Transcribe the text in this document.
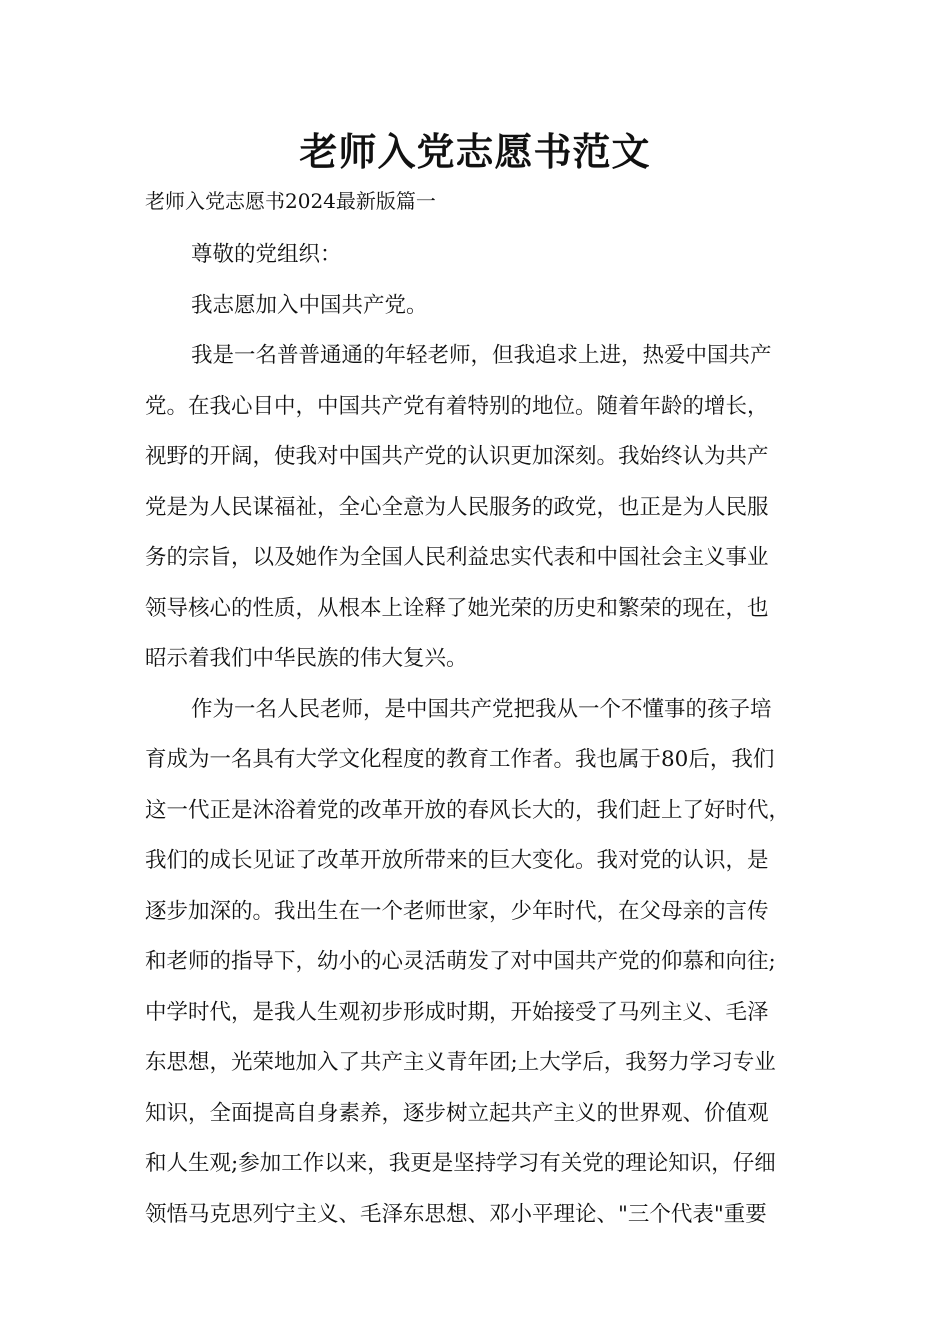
老师入党志愿书范文
老师入党志愿书2024最新版篇一

尊敬的党组织：

我志愿加入中国共产党。

我是一名普普通通的年轻老师，但我追求上进，热爱中国共产
党。在我心目中，中国共产党有着特别的地位。随着年龄的增长，
视野的开阔，使我对中国共产党的认识更加深刻。我始终认为共产
党是为人民谋福祉，全心全意为人民服务的政党，也正是为人民服
务的宗旨，以及她作为全国人民利益忠实代表和中国社会主义事业
领导核心的性质，从根本上诠释了她光荣的历史和繁荣的现在，也
昭示着我们中华民族的伟大复兴。

作为一名人民老师，是中国共产党把我从一个不懂事的孩子培
育成为一名具有大学文化程度的教育工作者。我也属于80后，我们
这一代正是沐浴着党的改革开放的春风长大的，我们赶上了好时代，
我们的成长见证了改革开放所带来的巨大变化。我对党的认识，是
逐步加深的。我出生在一个老师世家，少年时代，在父母亲的言传
和老师的指导下，幼小的心灵活萌发了对中国共产党的仰慕和向往;
中学时代，是我人生观初步形成时期，开始接受了马列主义、毛泽
东思想，光荣地加入了共产主义青年团;上大学后，我努力学习专业
知识，全面提高自身素养，逐步树立起共产主义的世界观、价值观
和人生观;参加工作以来，我更是坚持学习有关党的理论知识，仔细
领悟马克思列宁主义、毛泽东思想、邓小平理论、"三个代表"重要
